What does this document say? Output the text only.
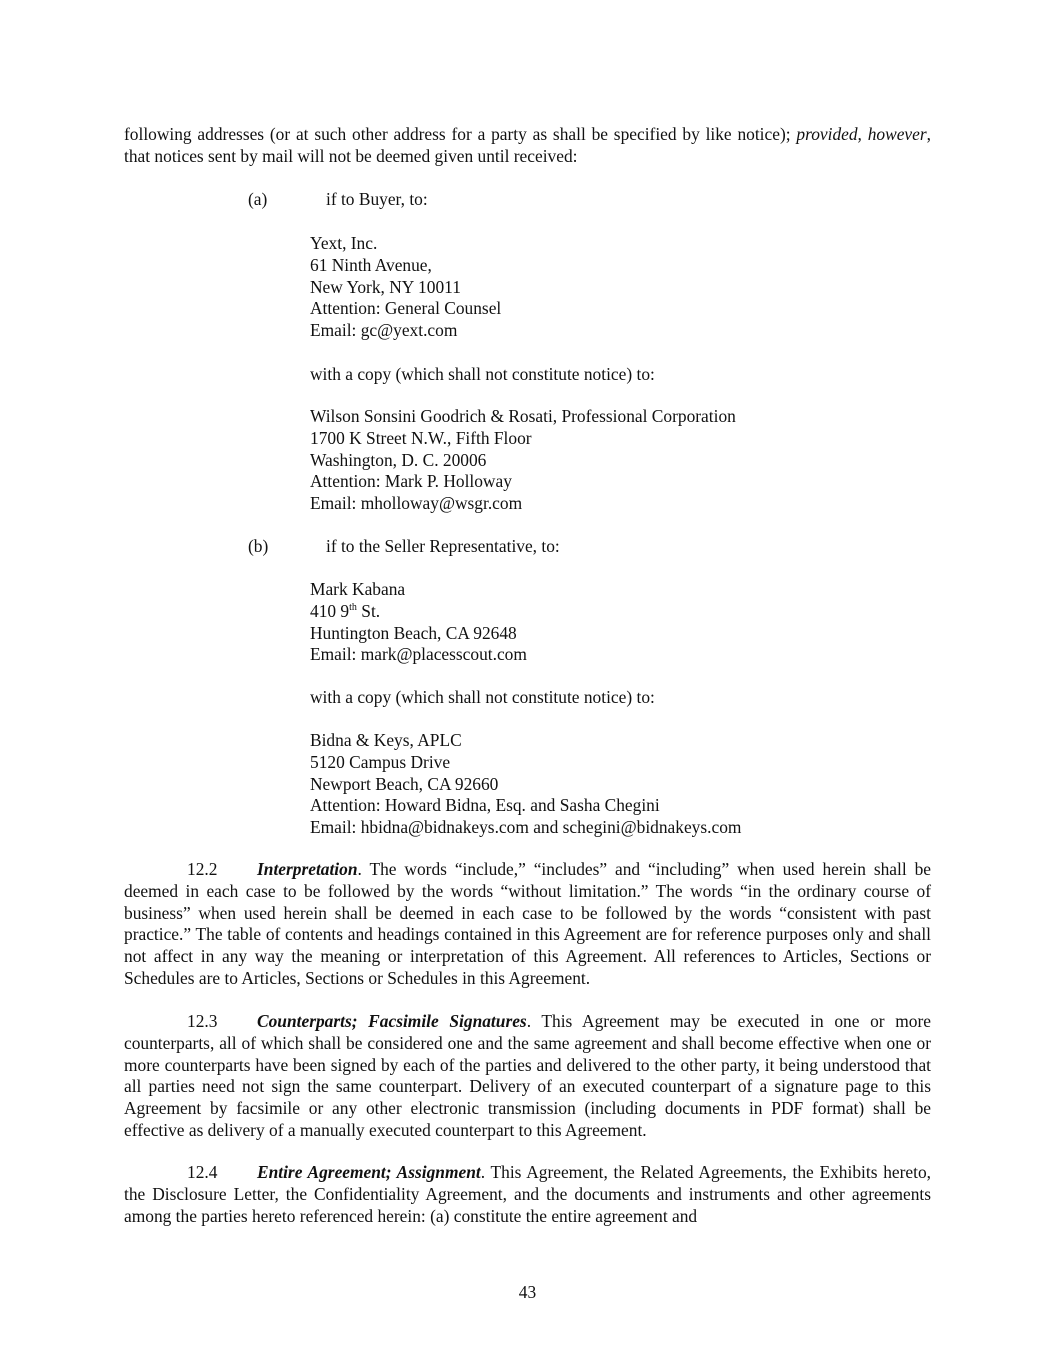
following addresses (or at such other address for a party as shall be specified by like notice); provided, however, that notices sent by mail will not be deemed given until received:

(a)	if to Buyer, to:
Yext, Inc.
61 Ninth Avenue,
New York, NY 10011
Attention: General Counsel
Email: gc@yext.com
with a copy (which shall not constitute notice) to:
Wilson Sonsini Goodrich & Rosati, Professional Corporation
1700 K Street N.W., Fifth Floor
Washington, D. C. 20006
Attention: Mark P. Holloway
Email: mholloway@wsgr.com
(b)	if to the Seller Representative, to:
Mark Kabana
410 9th St.
Huntington Beach, CA 92648
Email: mark@placesscout.com
with a copy (which shall not constitute notice) to:
Bidna & Keys, APLC
5120 Campus Drive
Newport Beach, CA 92660
Attention: Howard Bidna, Esq. and Sasha Chegini
Email: hbidna@bidnakeys.com and schegini@bidnakeys.com

12.2 Interpretation. The words “include,” “includes” and “including” when used herein shall be deemed in each case to be followed by the words “without limitation.” The words “in the ordinary course of business” when used herein shall be deemed in each case to be followed by the words “consistent with past practice.” The table of contents and headings contained in this Agreement are for reference purposes only and shall not affect in any way the meaning or interpretation of this Agreement. All references to Articles, Sections or Schedules are to Articles, Sections or Schedules in this Agreement.

12.3 Counterparts; Facsimile Signatures. This Agreement may be executed in one or more counterparts, all of which shall be considered one and the same agreement and shall become effective when one or more counterparts have been signed by each of the parties and delivered to the other party, it being understood that all parties need not sign the same counterpart. Delivery of an executed counterpart of a signature page to this Agreement by facsimile or any other electronic transmission (including documents in PDF format) shall be effective as delivery of a manually executed counterpart to this Agreement.

12.4 Entire Agreement; Assignment. This Agreement, the Related Agreements, the Exhibits hereto, the Disclosure Letter, the Confidentiality Agreement, and the documents and instruments and other agreements among the parties hereto referenced herein: (a) constitute the entire agreement and

43
